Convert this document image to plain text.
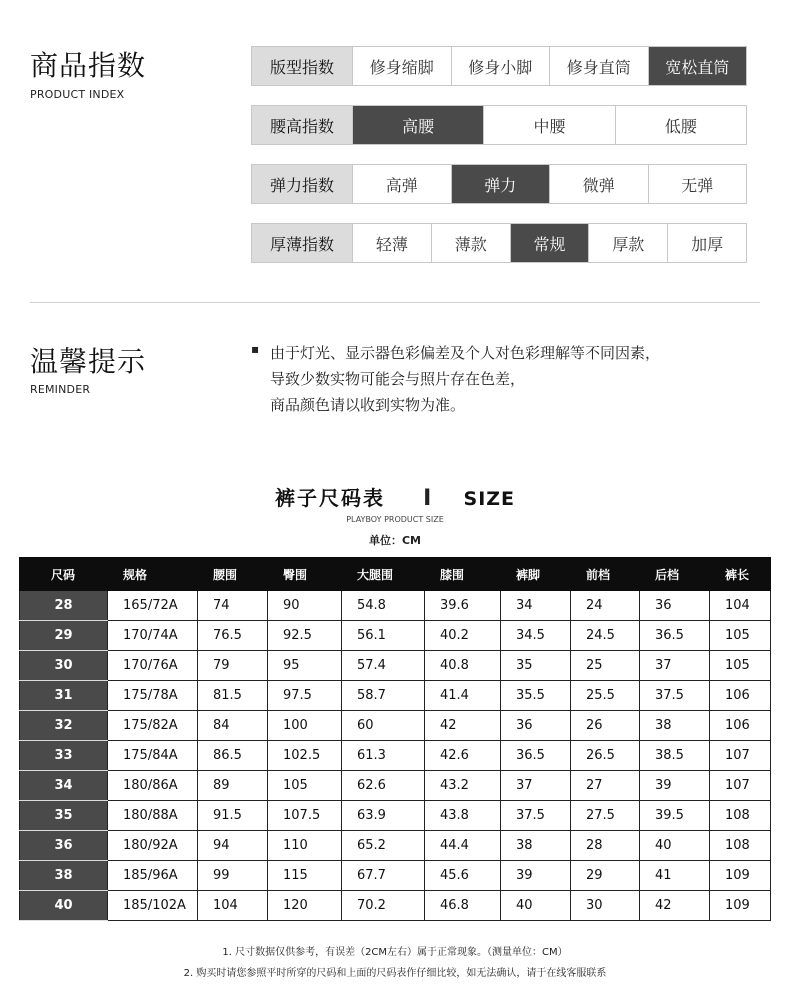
商品指数
PRODUCT INDEX
版型指数	修身缩脚	修身小脚	修身直筒	宽松直筒
腰高指数	高腰	中腰	低腰
弹力指数	高弹	弹力	微弹	无弹
厚薄指数	轻薄	薄款	常规	厚款	加厚
温馨提示
REMINDER
▪ 由于灯光、显示器色彩偏差及个人对色彩理解等不同因素，
导致少数实物可能会与照片存在色差，
商品颜色请以收到实物为准。
裤子尺码表 I SIZE
PLAYBOY PRODUCT SIZE
单位：CM
尺码	规格	腰围	臀围	大腿围	膝围	裤脚	前档	后档	裤长
28	165/72A	74	90	54.8	39.6	34	24	36	104
29	170/74A	76.5	92.5	56.1	40.2	34.5	24.5	36.5	105
30	170/76A	79	95	57.4	40.8	35	25	37	105
31	175/78A	81.5	97.5	58.7	41.4	35.5	25.5	37.5	106
32	175/82A	84	100	60	42	36	26	38	106
33	175/84A	86.5	102.5	61.3	42.6	36.5	26.5	38.5	107
34	180/86A	89	105	62.6	43.2	37	27	39	107
35	180/88A	91.5	107.5	63.9	43.8	37.5	27.5	39.5	108
36	180/92A	94	110	65.2	44.4	38	28	40	108
38	185/96A	99	115	67.7	45.6	39	29	41	109
40	185/102A	104	120	70.2	46.8	40	30	42	109
1. 尺寸数据仅供参考，有误差（2CM左右）属于正常现象。（测量单位：CM）
2. 购买时请您参照平时所穿的尺码和上面的尺码表作仔细比较，如无法确认，请于在线客服联系
